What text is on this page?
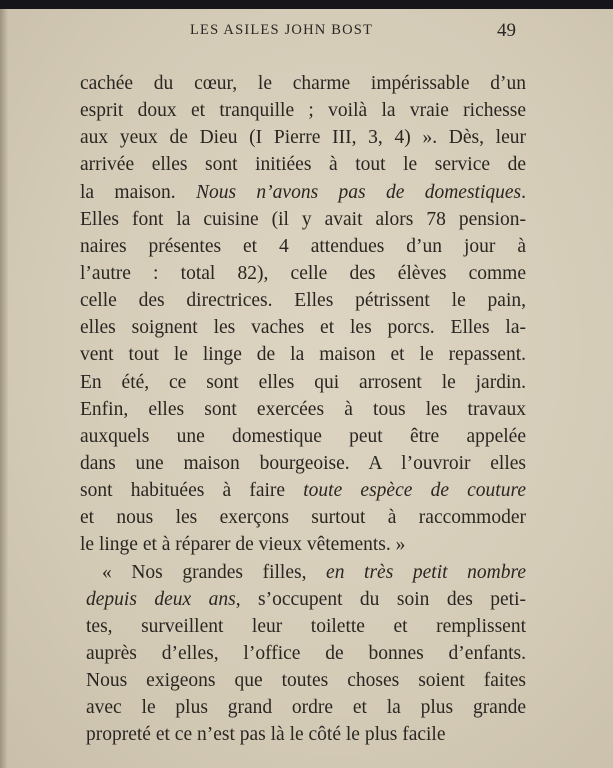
LES ASILES JOHN BOST	49
cachée du cœur, le charme impérissable d’un
esprit doux et tranquille ; voilà la vraie richesse
aux yeux de Dieu (I Pierre III, 3, 4) ». Dès, leur
arrivée elles sont initiées à tout le service de
la maison. Nous n’avons pas de domestiques.
Elles font la cuisine (il y avait alors 78 pension-
naires présentes et 4 attendues d’un jour à
l’autre : total 82), celle des élèves comme
celle des directrices. Elles pétrissent le pain,
elles soignent les vaches et les porcs. Elles la-
vent tout le linge de la maison et le repassent.
En été, ce sont elles qui arrosent le jardin.
Enfin, elles sont exercées à tous les travaux
auxquels une domestique peut être appelée
dans une maison bourgeoise. A l’ouvroir elles
sont habituées à faire toute espèce de couture
et nous les exerçons surtout à raccommoder
le linge et à réparer de vieux vêtements. »
« Nos grandes filles, en très petit nombre
depuis deux ans, s’occupent du soin des peti-
tes, surveillent leur toilette et remplissent
auprès d’elles, l’office de bonnes d’enfants.
Nous exigeons que toutes choses soient faites
avec le plus grand ordre et la plus grande
propreté et ce n’est pas là le côté le plus facile
